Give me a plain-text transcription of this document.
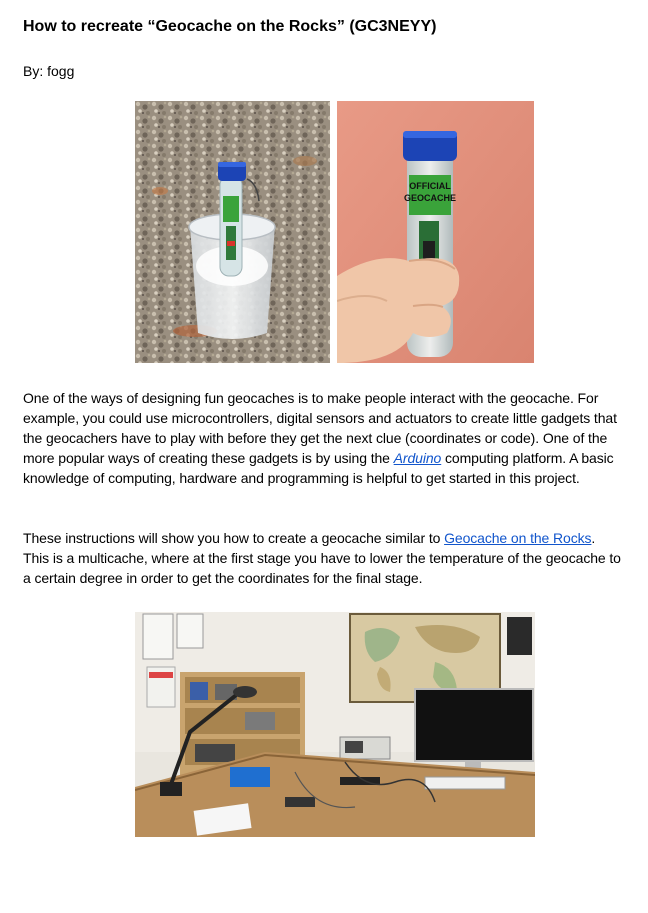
How to recreate “Geocache on the Rocks” (GC3NEYY)

By: fogg

OFFICIAL
GEOCACHE

One of the ways of designing fun geocaches is to make people interact with the geocache. For example, you could use microcontrollers, digital sensors and actuators to create little gadgets that the geocachers have to play with before they get the next clue (coordinates or code). One of the more popular ways of creating these gadgets is by using the Arduino computing platform. A basic knowledge of computing, hardware and programming is helpful to get started in this project.

These instructions will show you how to create a geocache similar to Geocache on the Rocks. This is a multicache, where at the first stage you have to lower the temperature of the geocache to a certain degree in order to get the coordinates for the final stage.
